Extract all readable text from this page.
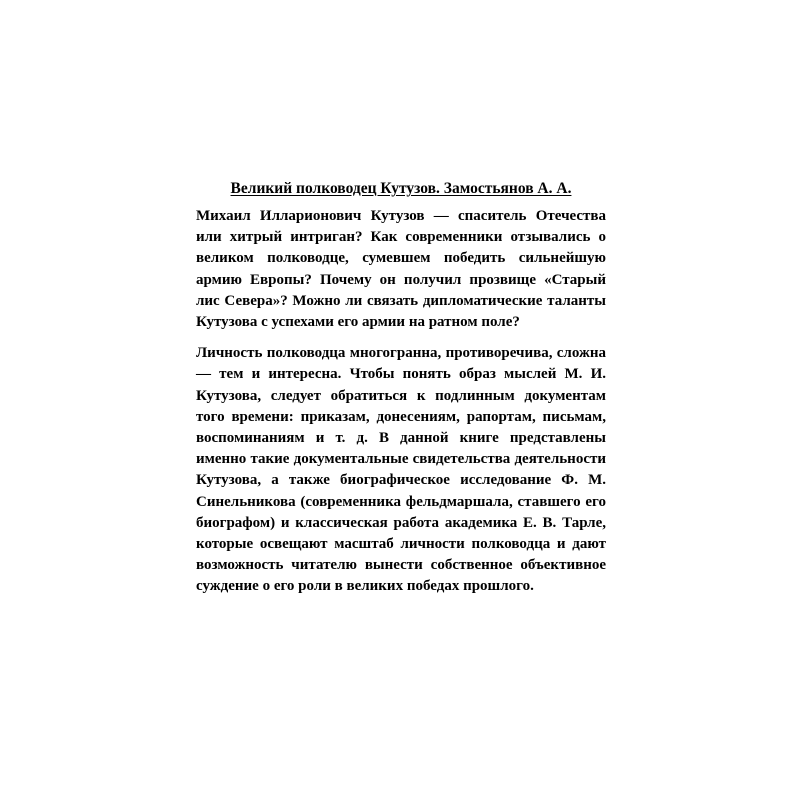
Великий полководец Кутузов. Замостьянов А. А.

Михаил Илларионович Кутузов — спаситель Отечества или хитрый интриган? Как современники отзывались о великом полководце, сумевшем победить сильнейшую армию Европы? Почему он получил прозвище «Старый лис Севера»? Можно ли связать дипломатические таланты Кутузова с успехами его армии на ратном поле?

Личность полководца многогранна, противоречива, сложна — тем и интересна. Чтобы понять образ мыслей М. И. Кутузова, следует обратиться к подлинным документам того времени: приказам, донесениям, рапортам, письмам, воспоминаниям и т. д. В данной книге представлены именно такие документальные свидетельства деятельности Кутузова, а также биографическое исследование Ф. М. Синельникова (современника фельдмаршала, ставшего его биографом) и классическая работа академика Е. В. Тарле, которые освещают масштаб личности полководца и дают возможность читателю вынести собственное объективное суждение о его роли в великих победах прошлого.
